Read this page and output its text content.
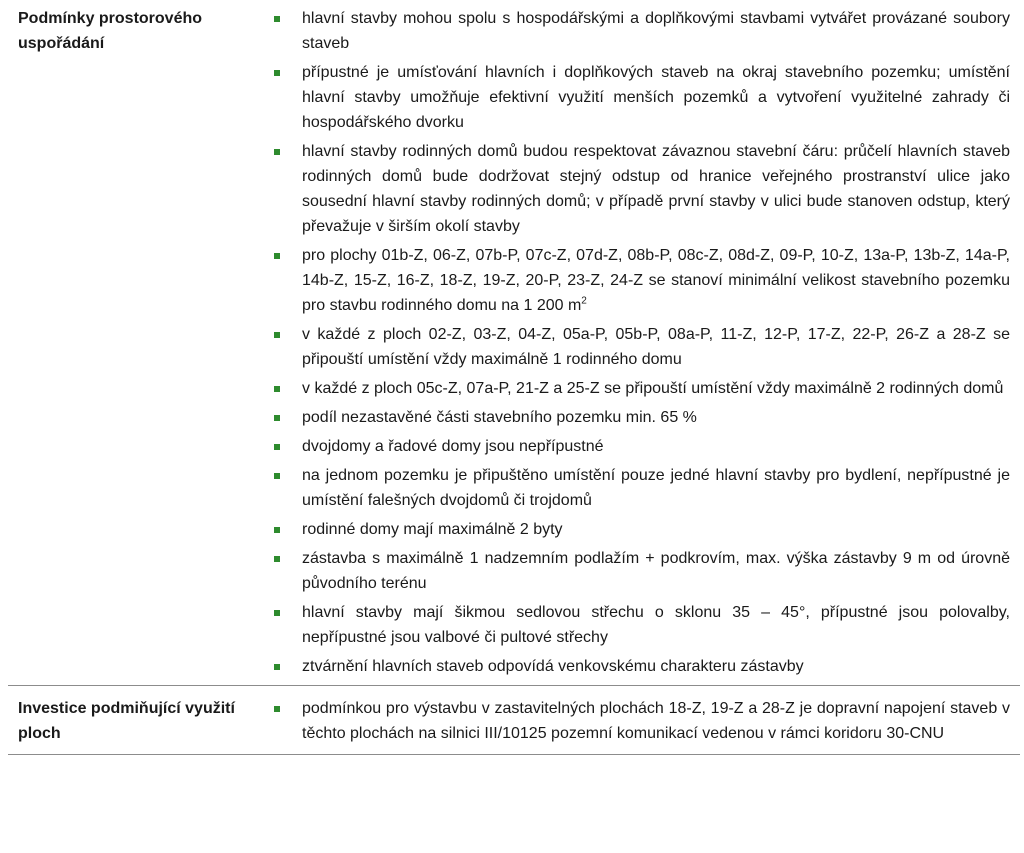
Podmínky prostorového uspořádání
hlavní stavby mohou spolu s hospodářskými a doplňkovými stavbami vytvářet provázané soubory staveb
přípustné je umísťování hlavních i doplňkových staveb na okraj stavebního pozemku; umístění hlavní stavby umožňuje efektivní využití menších pozemků a vytvoření využitelné zahrady či hospodářského dvorku
hlavní stavby rodinných domů budou respektovat závaznou stavební čáru: průčelí hlavních staveb rodinných domů bude dodržovat stejný odstup od hranice veřejného prostranství ulice jako sousední hlavní stavby rodinných domů; v případě první stavby v ulici bude stanoven odstup, který převažuje v širším okolí stavby
pro plochy 01b-Z, 06-Z, 07b-P, 07c-Z, 07d-Z, 08b-P, 08c-Z, 08d-Z, 09-P, 10-Z, 13a-P, 13b-Z, 14a-P, 14b-Z, 15-Z, 16-Z, 18-Z, 19-Z, 20-P, 23-Z, 24-Z se stanoví minimální velikost stavebního pozemku pro stavbu rodinného domu na 1 200 $m^2$
v každé z ploch 02-Z, 03-Z, 04-Z, 05a-P, 05b-P, 08a-P, 11-Z, 12-P, 17-Z, 22-P, 26-Z a 28-Z se připouští umístění vždy maximálně 1 rodinného domu
v každé z ploch 05c-Z, 07a-P, 21-Z a 25-Z se připouští umístění vždy maximálně 2 rodinných domů
podíl nezastavěné části stavebního pozemku min. 65 %
dvojdomy a řadové domy jsou nepřípustné
na jednom pozemku je připuštěno umístění pouze jedné hlavní stavby pro bydlení, nepřípustné je umístění falešných dvojdomů či trojdomů
rodinné domy mají maximálně 2 byty
zástavba s maximálně 1 nadzemním podlažím + podkrovím, max. výška zástavby 9 m od úrovně původního terénu
hlavní stavby mají šikmou sedlovou střechu o sklonu 35 – 45°, přípustné jsou polovalby, nepřípustné jsou valbové či pultové střechy
ztvárnění hlavních staveb odpovídá venkovskému charakteru zástavby
Investice podmiňující využití ploch
podmínkou pro výstavbu v zastavitelných plochách 18-Z, 19-Z a 28-Z je dopravní napojení staveb v těchto plochách na silnici III/10125 pozemní komunikací vedenou v rámci koridoru 30-CNU
